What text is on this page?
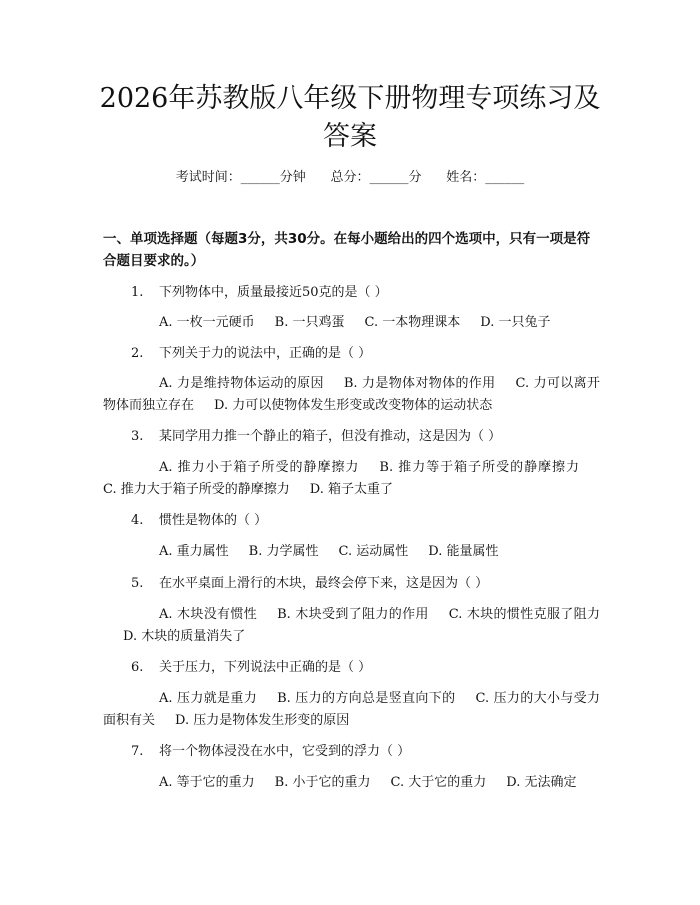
2026年苏教版八年级下册物理专项练习及答案
考试时间：______分钟      总分：______分      姓名：______
一、单项选择题（每题3分，共30分。在每小题给出的四个选项中，只有一项是符合题目要求的。）
1. 下列物体中，质量最接近50克的是（ ）
A. 一枚一元硬币 B. 一只鸡蛋 C. 一本物理课本 D. 一只兔子
2. 下列关于力的说法中，正确的是（ ）
A. 力是维持物体运动的原因 B. 力是物体对物体的作用 C. 力可以离开物体而独立存在 D. 力可以使物体发生形变或改变物体的运动状态
3. 某同学用力推一个静止的箱子，但没有推动，这是因为（ ）
A. 推力小于箱子所受的静摩擦力 B. 推力等于箱子所受的静摩擦力C. 推力大于箱子所受的静摩擦力 D. 箱子太重了
4. 惯性是物体的（ ）
A. 重力属性 B. 力学属性 C. 运动属性 D. 能量属性
5. 在水平桌面上滑行的木块，最终会停下来，这是因为（ ）
A. 木块没有惯性 B. 木块受到了阻力的作用 C. 木块的惯性克服了阻力D. 木块的质量消失了
6. 关于压力，下列说法中正确的是（ ）
A. 压力就是重力 B. 压力的方向总是竖直向下的 C. 压力的大小与受力面积有关 D. 压力是物体发生形变的原因
7. 将一个物体浸没在水中，它受到的浮力（ ）
A. 等于它的重力 B. 小于它的重力 C. 大于它的重力 D. 无法确定
